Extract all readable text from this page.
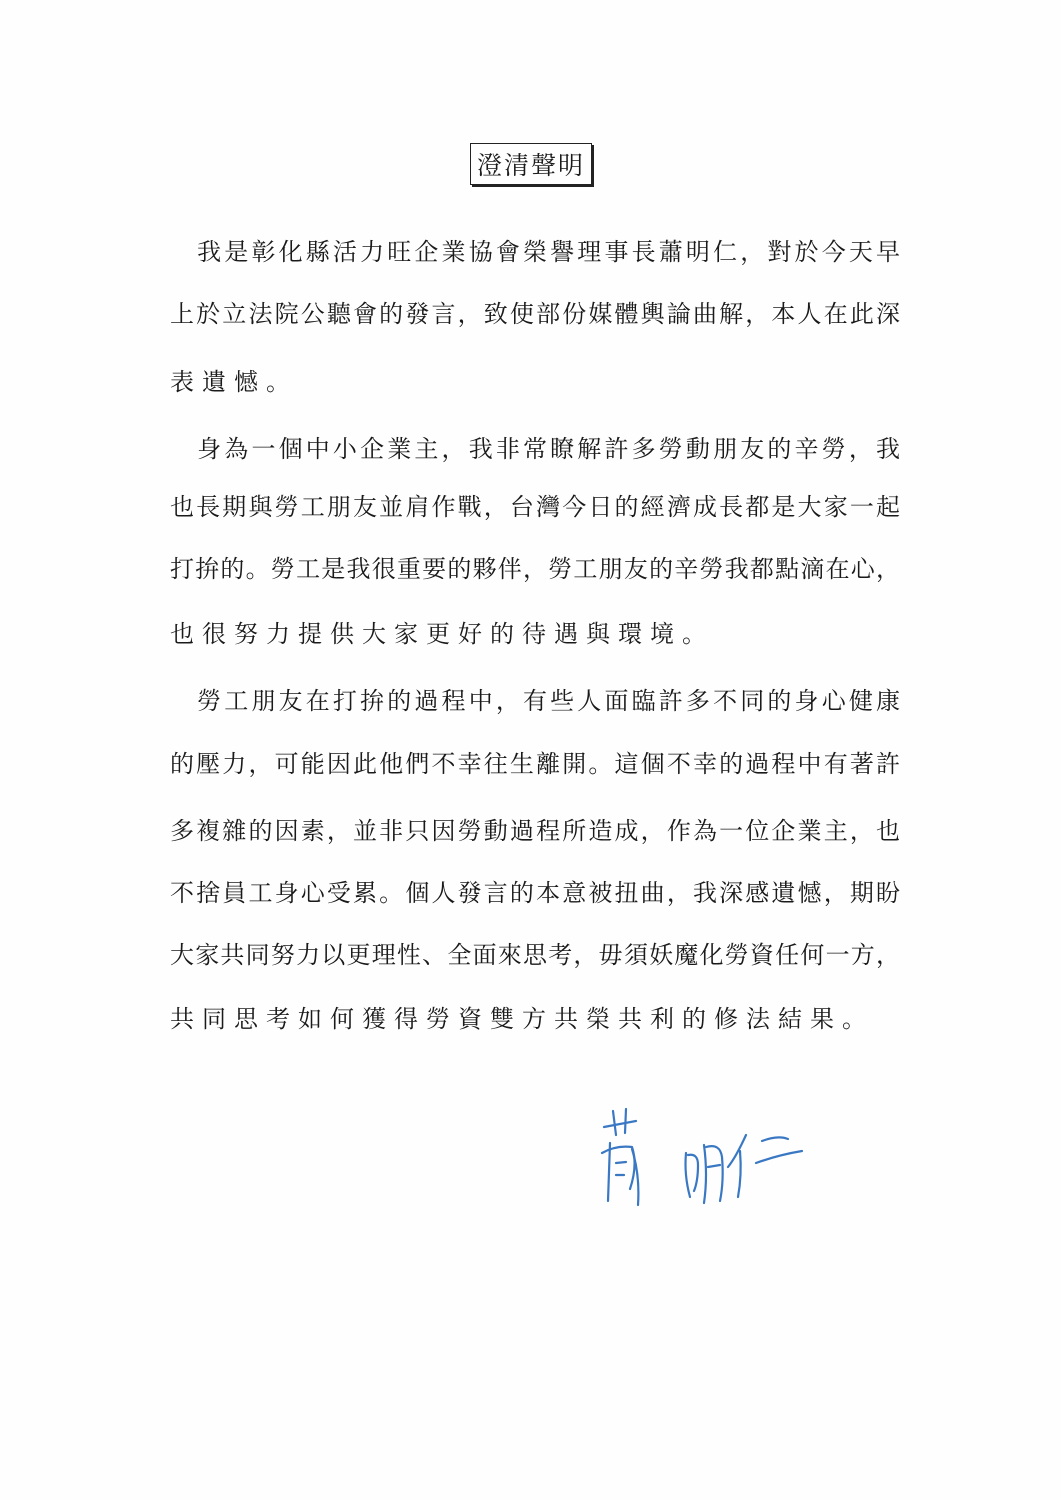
澄清聲明
　我是彰化縣活力旺企業協會榮譽理事長蕭明仁，對於今天早
上於立法院公聽會的發言，致使部份媒體輿論曲解，本人在此深
表遺憾。
　身為一個中小企業主，我非常瞭解許多勞動朋友的辛勞，我
也長期與勞工朋友並肩作戰，台灣今日的經濟成長都是大家一起
打拚的。勞工是我很重要的夥伴，勞工朋友的辛勞我都點滴在心，
也很努力提供大家更好的待遇與環境。
　勞工朋友在打拚的過程中，有些人面臨許多不同的身心健康
的壓力，可能因此他們不幸往生離開。這個不幸的過程中有著許
多複雜的因素，並非只因勞動過程所造成，作為一位企業主，也
不捨員工身心受累。個人發言的本意被扭曲，我深感遺憾，期盼
大家共同努力以更理性、全面來思考，毋須妖魔化勞資任何一方，
共同思考如何獲得勞資雙方共榮共利的修法結果。
